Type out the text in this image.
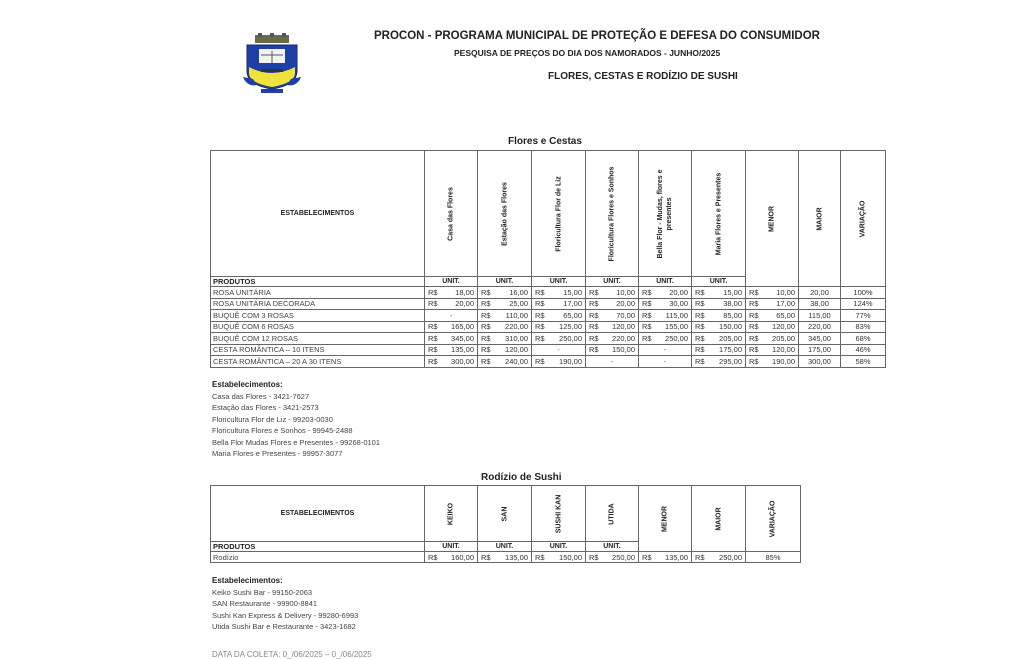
PROCON - PROGRAMA MUNICIPAL DE PROTEÇÃO E DEFESA DO CONSUMIDOR
PESQUISA DE PREÇOS DO DIA DOS NAMORADOS - JUNHO/2025
FLORES, CESTAS E RODÍZIO DE SUSHI
Flores e Cestas
ESTABELECIMENTOS	Casa das Flores	Estação das Flores	Floricultura Flor de Liz	Floricultura Flores e Sonhos	Bella Flor - Mudas, flores e presentes	Maria Flores e Presentes	MENOR	MAIOR	VARIAÇÃO

PRODUTOS	UNIT.	UNIT.	UNIT.	UNIT.	UNIT.	UNIT.			
ROSA UNITÁRIA	R$ 18,00	R$ 16,00	R$ 15,00	R$ 10,00	R$ 20,00	R$ 15,00	R$ 10,00	20,00	100%
ROSA UNITÁRIA DECORADA	R$ 20,00	R$ 25,00	R$ 17,00	R$ 20,00	R$ 30,00	R$ 38,00	R$ 17,00	38,00	124%
BUQUÊ COM 3 ROSAS	-	R$ 110,00	R$ 65,00	R$ 70,00	R$ 115,00	R$ 85,00	R$ 65,00	115,00	77%
BUQUÊ COM 6 ROSAS	R$ 165,00	R$ 220,00	R$ 125,00	R$ 120,00	R$ 155,00	R$ 150,00	R$ 120,00	220,00	83%
BUQUÊ COM 12 ROSAS	R$ 345,00	R$ 310,00	R$ 250,00	R$ 220,00	R$ 250,00	R$ 205,00	R$ 205,00	345,00	68%
CESTA ROMÂNTICA – 10 ITENS	R$ 135,00	R$ 120,00	-	R$ 150,00	-	R$ 175,00	R$ 120,00	175,00	46%
CESTA ROMÂNTICA – 20 A 30 ITENS	R$ 300,00	R$ 240,00	R$ 190,00	-	-	R$ 295,00	R$ 190,00	300,00	58%
Estabelecimentos:
Casa das Flores - 3421-7627
Estação das Flores - 3421-2573
Floricultura Flor de Liz - 99203-0030
Floricultura Flores e Sonhos - 99945-2488
Bella Flor Mudas Flores e Presentes - 99268-0101
Maria Flores e Presentes - 99957-3077
Rodízio de Sushi
ESTABELECIMENTOS	KEIKO	SAN	SUSHI KAN	UTIDA	MENOR	MAIOR	VARIAÇÃO

PRODUTOS	UNIT.	UNIT.	UNIT.	UNIT.			
Rodízio	R$ 160,00	R$ 135,00	R$ 150,00	R$ 250,00	R$ 135,00	R$ 250,00	85%
Estabelecimentos:
Keiko Sushi Bar - 99150-2063
SAN Restaurante - 99900-8841
Sushi Kan Express & Delivery - 99280-6993
Utida Sushi Bar e Restaurante - 3423-1682
DATA DA COLETA: 0_/06/2025 – 0_/06/2025
